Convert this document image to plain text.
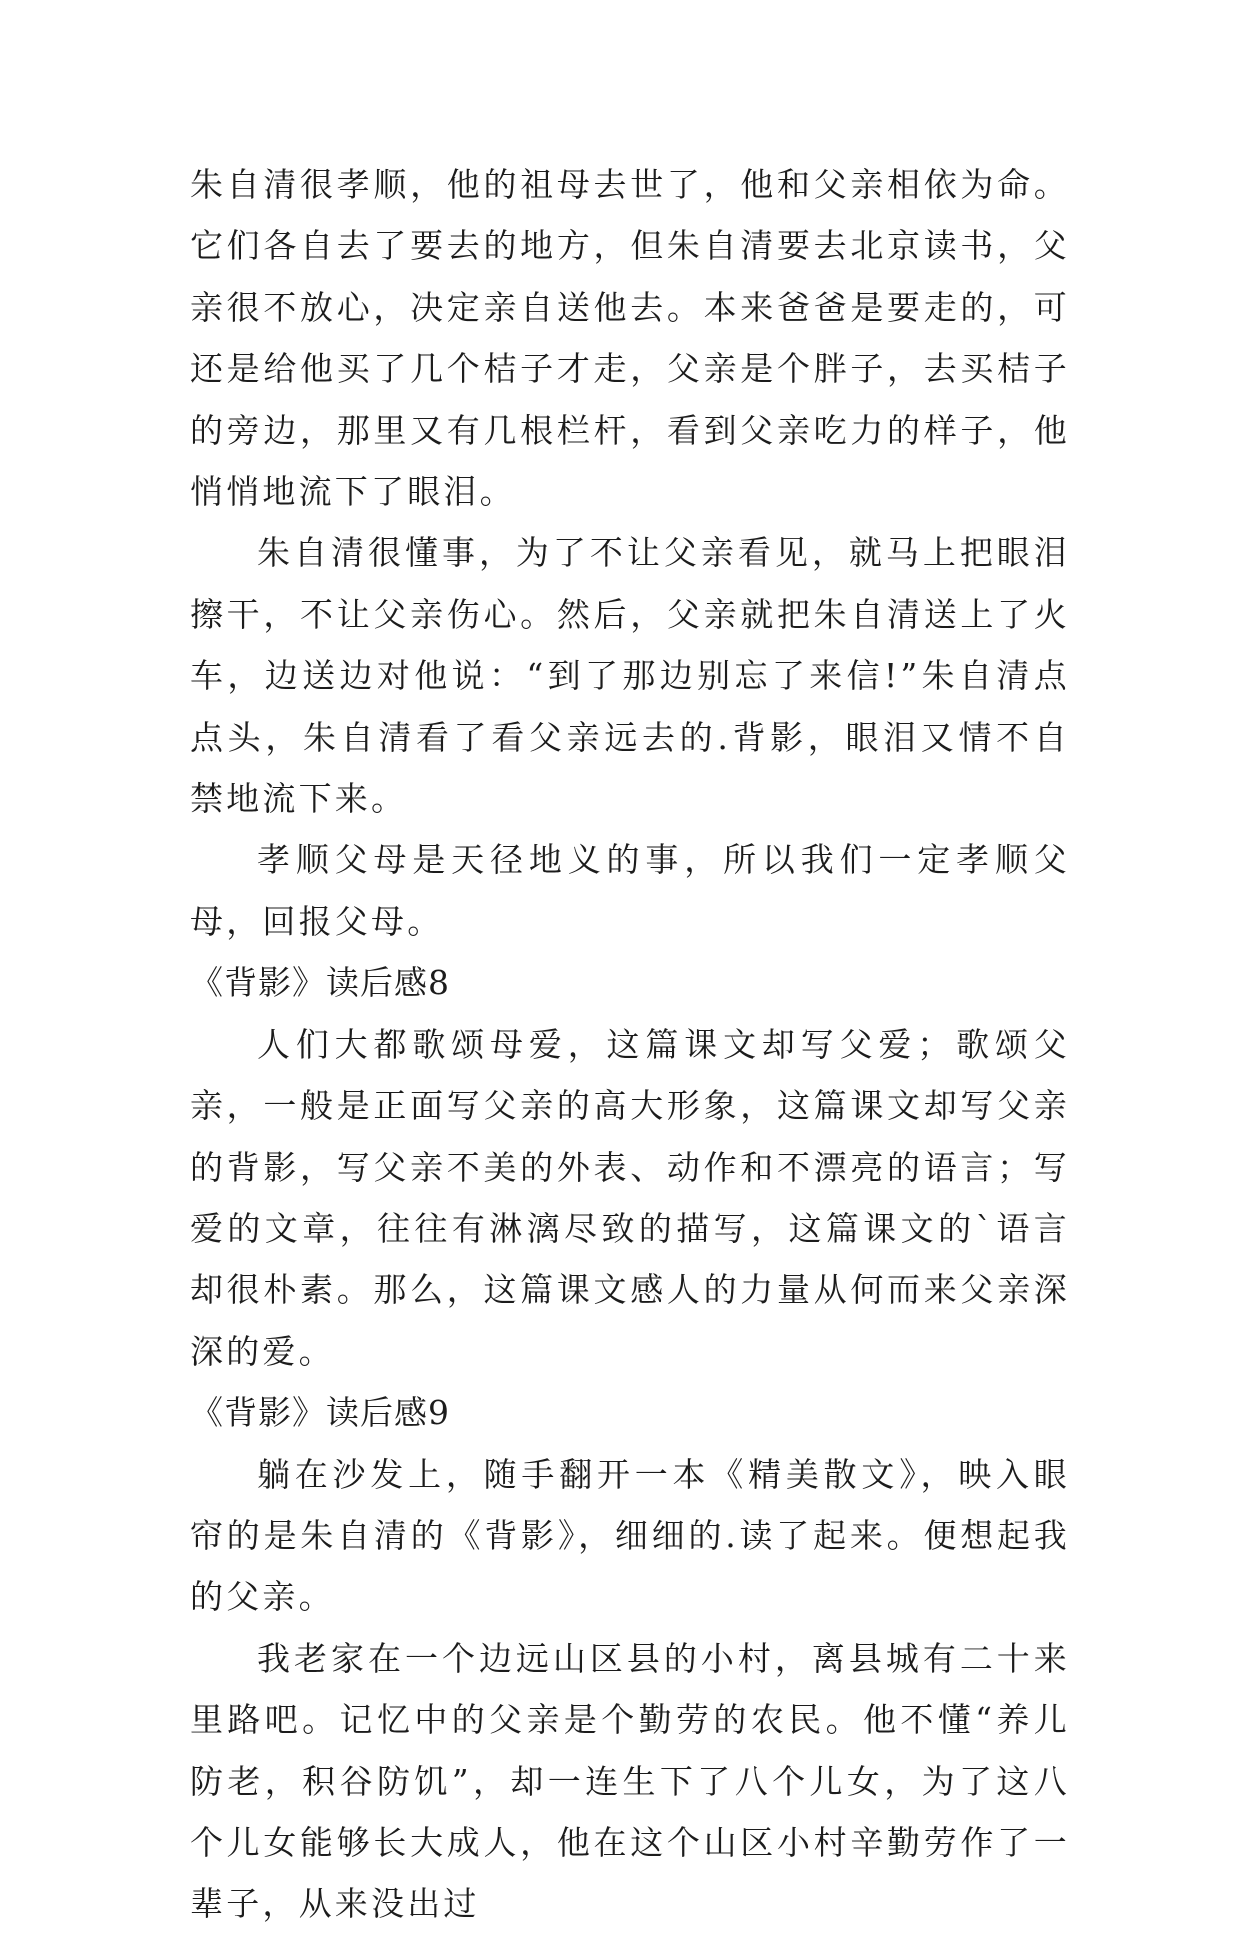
朱自清很孝顺，他的祖母去世了，他和父亲相依为命。它们各自去了要去的地方，但朱自清要去北京读书，父亲很不放心，决定亲自送他去。本来爸爸是要走的，可还是给他买了几个桔子才走，父亲是个胖子，去买桔子的旁边，那里又有几根栏杆，看到父亲吃力的样子，他悄悄地流下了眼泪。

朱自清很懂事，为了不让父亲看见，就马上把眼泪擦干，不让父亲伤心。然后，父亲就把朱自清送上了火车，边送边对他说：“到了那边别忘了来信!”朱自清点点头，朱自清看了看父亲远去的.背影，眼泪又情不自禁地流下来。

孝顺父母是天径地义的事，所以我们一定孝顺父母，回报父母。

《背影》读后感8

人们大都歌颂母爱，这篇课文却写父爱；歌颂父亲，一般是正面写父亲的高大形象，这篇课文却写父亲的背影，写父亲不美的外表、动作和不漂亮的语言；写爱的文章，往往有淋漓尽致的描写，这篇课文的`语言却很朴素。那么，这篇课文感人的力量从何而来父亲深深的爱。

《背影》读后感9

躺在沙发上，随手翻开一本《精美散文》，映入眼帘的是朱自清的《背影》，细细的.读了起来。便想起我的父亲。

我老家在一个边远山区县的小村，离县城有二十来里路吧。记忆中的父亲是个勤劳的农民。他不懂“养儿防老，积谷防饥”，却一连生下了八个儿女，为了这八个儿女能够长大成人，他在这个山区小村辛勤劳作了一辈子，从来没出过
